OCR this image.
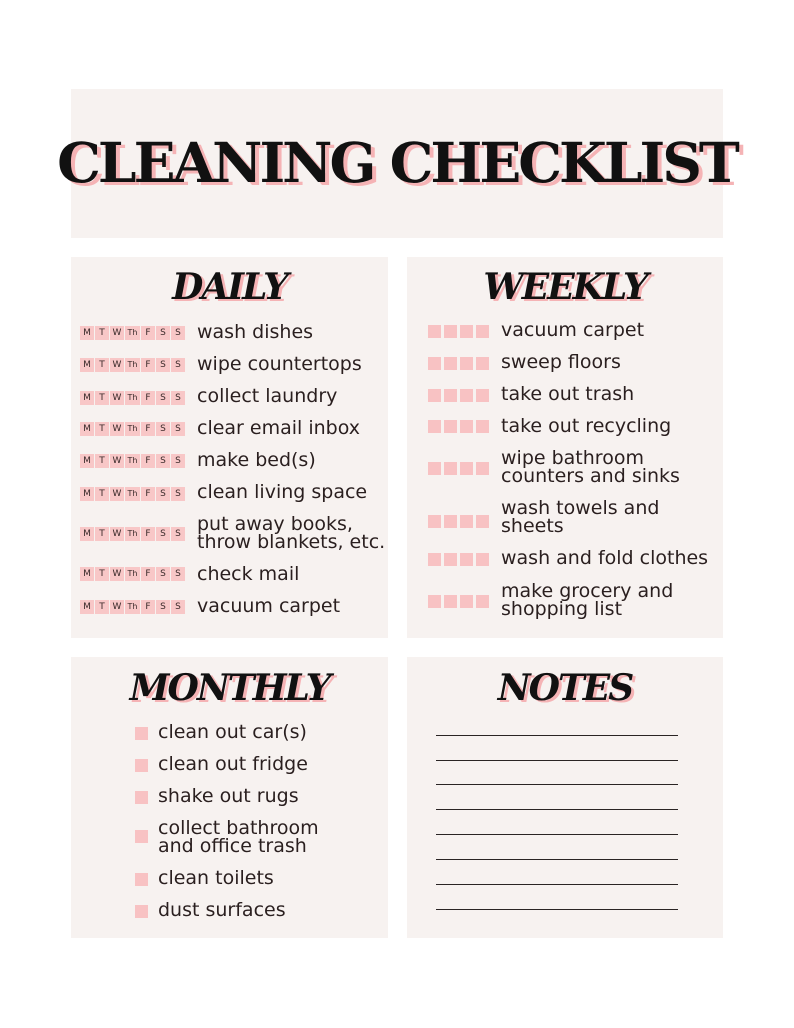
CLEANING CHECKLIST
DAILY	WEEKLY
MONTHLY	NOTES
M T W Th F	S	S wash dishes
M T W Th F	S	S wipe countertops
M T W Th F	S	S collect laundry
M T W Th F	S	S clear email inbox
M T W Th F	S	S make bed(s)
M T W Th F	S	S clean living space
M T W Th F	S	S put away books,
throw blankets, etc.
M T W Th F	S	S check mail
M T W Th F	S	S vacuum carpet
vacuum carpet
sweep floors
take out trash
take out recycling
wipe bathroom
counters and sinks
wash towels and
sheets
wash and fold clothes
make grocery and
shopping list
clean out car(s)
clean out fridge
shake out rugs
collect bathroom
and office trash
clean toilets
dust surfaces
